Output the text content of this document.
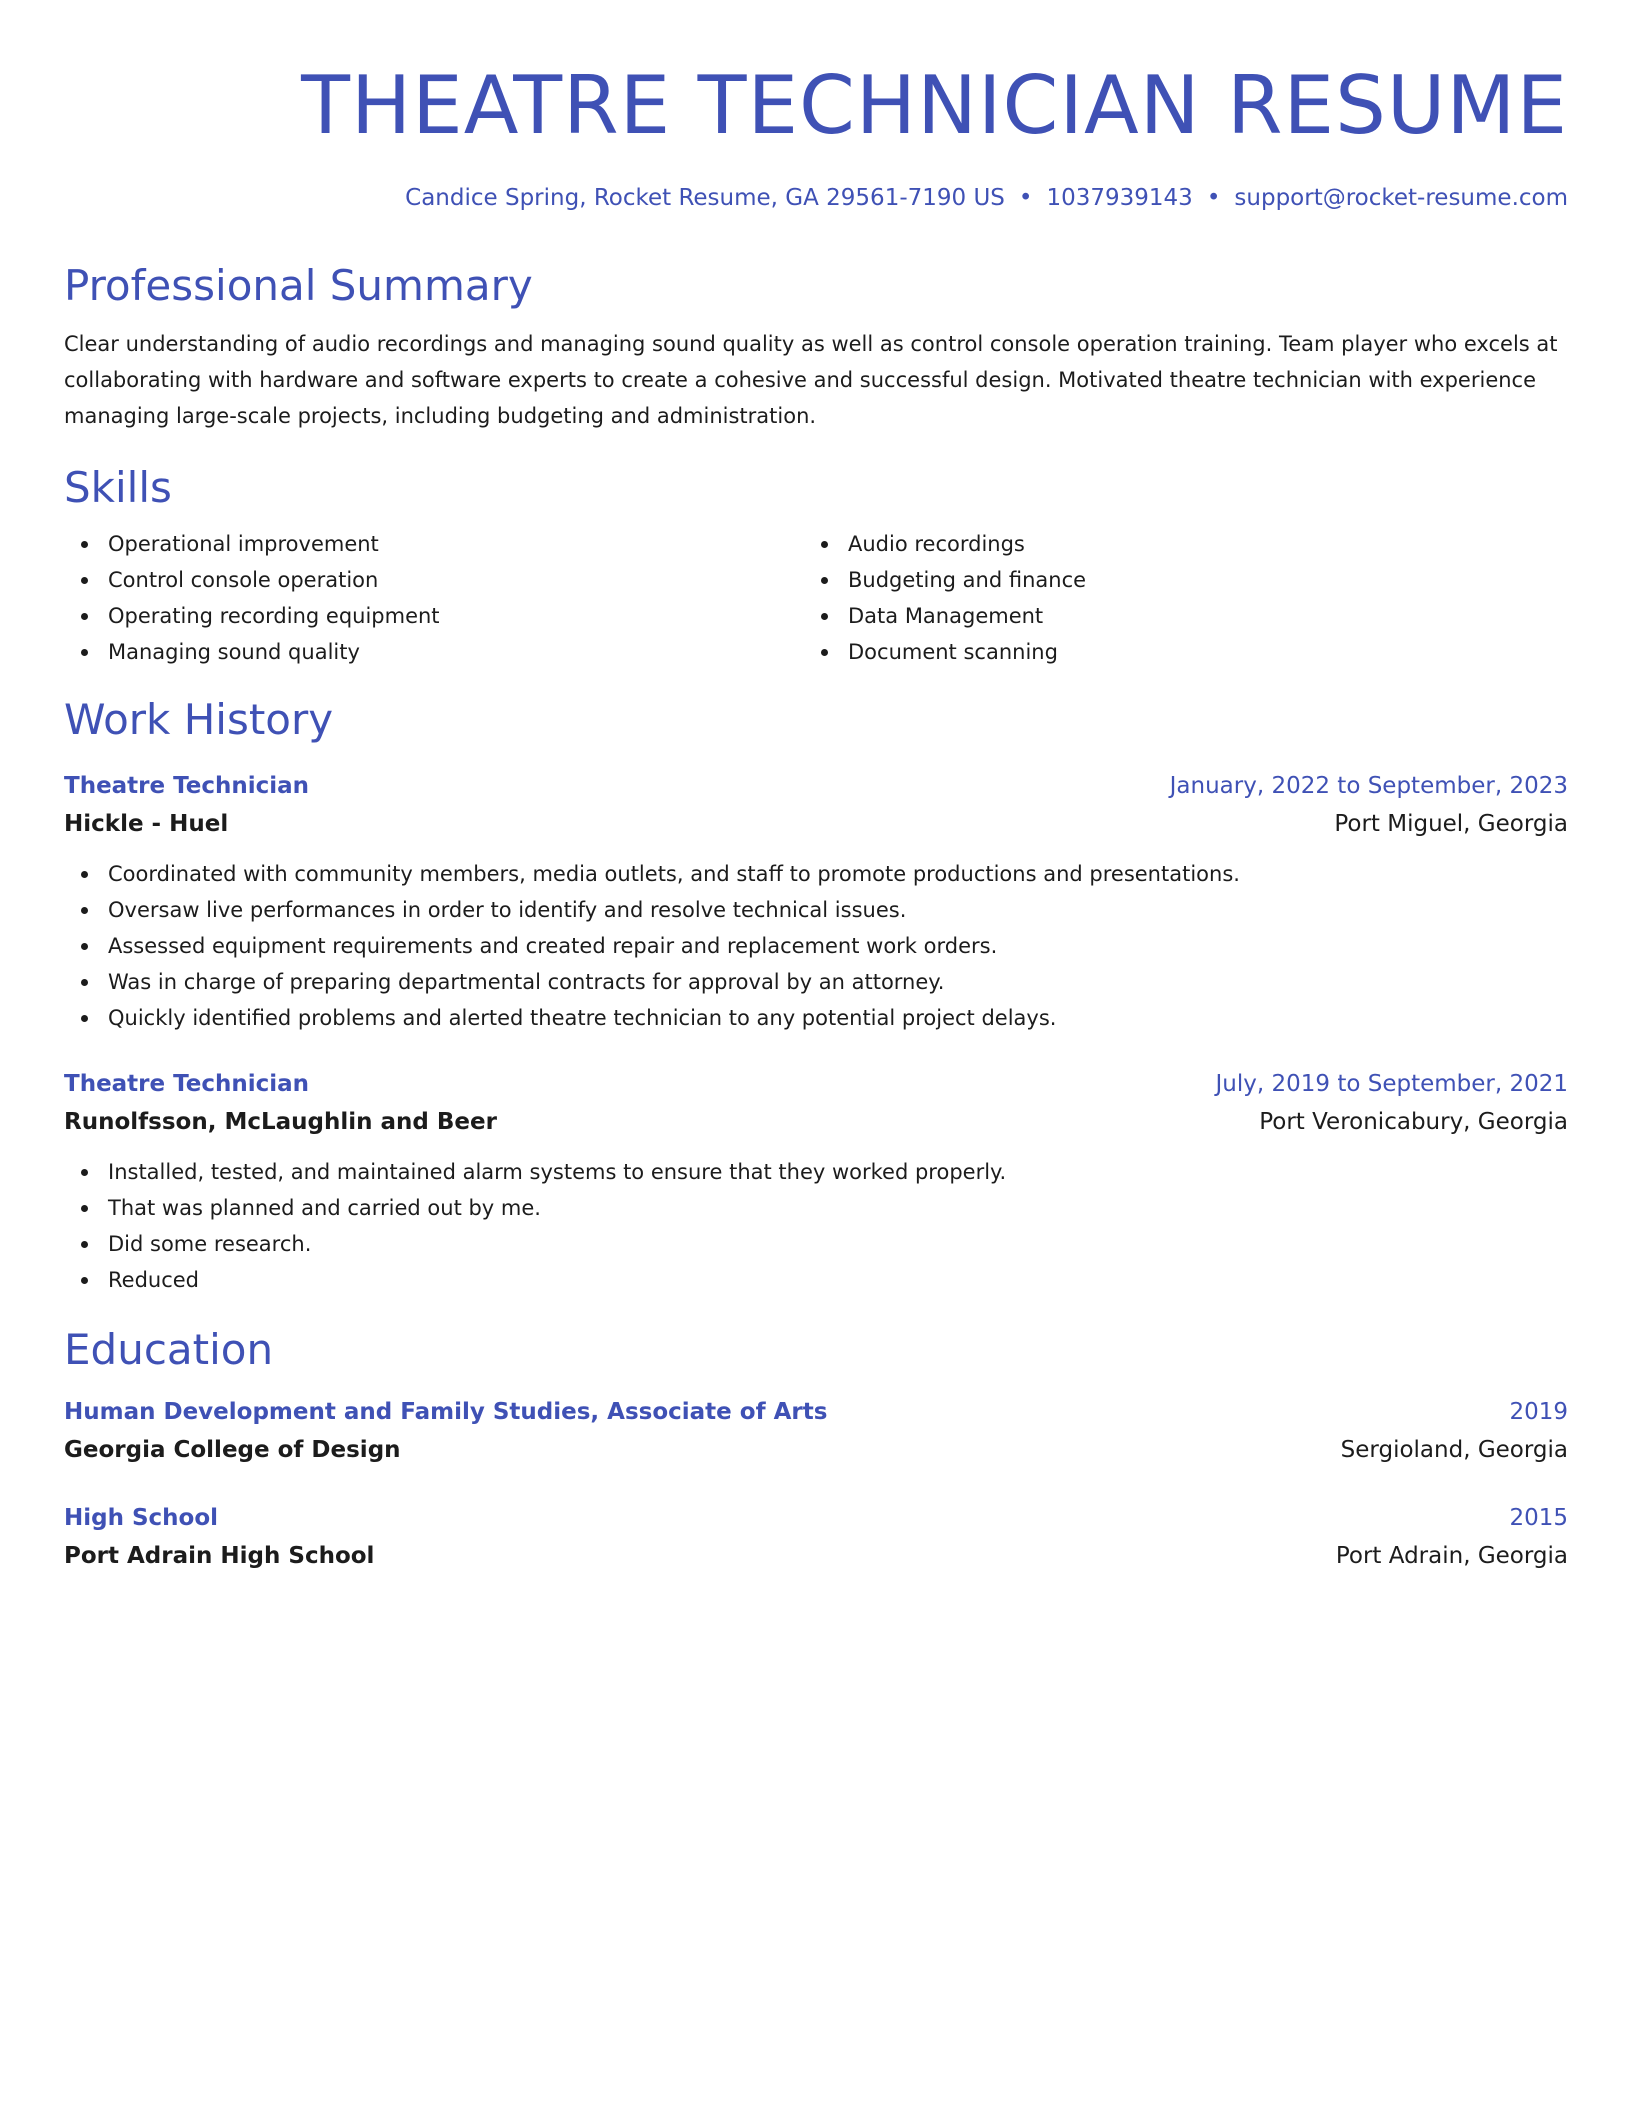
THEATRE TECHNICIAN RESUME
Candice Spring, Rocket Resume, GA 29561-7190 US • 1037939143 • support@rocket-resume.com
Professional Summary

Clear understanding of audio recordings and managing sound quality as well as control console operation training. Team player who excels at collaborating with hardware and software experts to create a cohesive and successful design. Motivated theatre technician with experience managing large-scale projects, including budgeting and administration.

Skills
Operational improvement
Control console operation
Operating recording equipment
Managing sound quality
Audio recordings
Budgeting and finance
Data Management
Document scanning
Work History
Theatre Technician	January, 2022 to September, 2023
Hickle - Huel	Port Miguel, Georgia
Coordinated with community members, media outlets, and staff to promote productions and presentations.
Oversaw live performances in order to identify and resolve technical issues.
Assessed equipment requirements and created repair and replacement work orders.
Was in charge of preparing departmental contracts for approval by an attorney.
Quickly identified problems and alerted theatre technician to any potential project delays.
Theatre Technician	July, 2019 to September, 2021
Runolfsson, McLaughlin and Beer	Port Veronicabury, Georgia
Installed, tested, and maintained alarm systems to ensure that they worked properly.
That was planned and carried out by me.
Did some research.
Reduced
Education
Human Development and Family Studies, Associate of Arts	2019
Georgia College of Design	Sergioland, Georgia
High School	2015
Port Adrain High School	Port Adrain, Georgia
